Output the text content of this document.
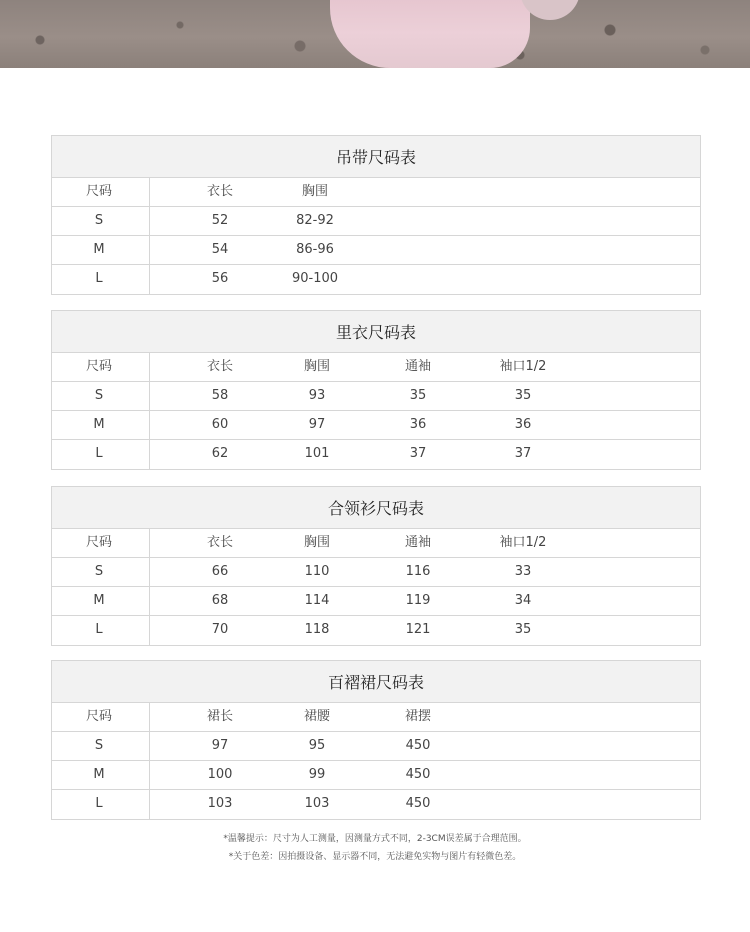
吊带尺码表
尺码	衣长	胸围
S	52	82-92
M	54	86-96
L	56	90-100
里衣尺码表
尺码	衣长	胸围	通袖	袖口1/2
S	58	93	35	35
M	60	97	36	36
L	62	101	37	37
合领衫尺码表
尺码	衣长	胸围	通袖	袖口1/2
S	66	110	116	33
M	68	114	119	34
L	70	118	121	35
百褶裙尺码表
尺码	裙长	裙腰	裙摆
S	97	95	450
M	100	99	450
L	103	103	450
*温馨提示：尺寸为人工测量，因测量方式不同，2-3CM误差属于合理范围。
*关于色差：因拍摄设备、显示器不同，无法避免实物与图片有轻微色差。
